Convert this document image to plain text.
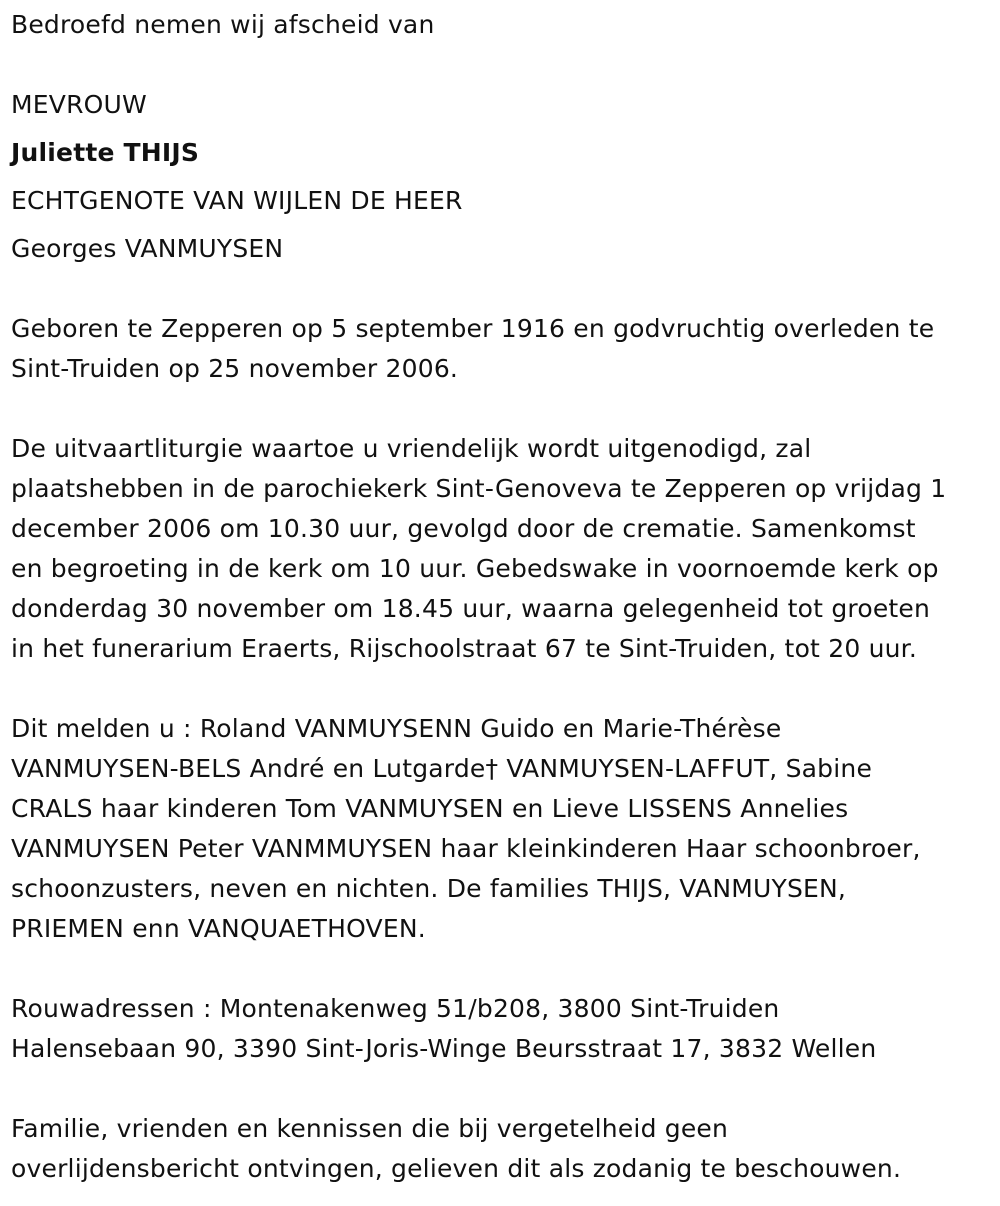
Bedroefd nemen wij afscheid van
MEVROUW
Juliette THIJS
ECHTGENOTE VAN WIJLEN DE HEER
Georges VANMUYSEN
Geboren te Zepperen op 5 september 1916 en godvruchtig overleden te
Sint-Truiden op 25 november 2006.
De uitvaartliturgie waartoe u vriendelijk wordt uitgenodigd, zal
plaatshebben in de parochiekerk Sint-Genoveva te Zepperen op vrijdag 1
december 2006 om 10.30 uur, gevolgd door de crematie. Samenkomst
en begroeting in de kerk om 10 uur. Gebedswake in voornoemde kerk op
donderdag 30 november om 18.45 uur, waarna gelegenheid tot groeten
in het funerarium Eraerts, Rijschoolstraat 67 te Sint-Truiden, tot 20 uur.
Dit melden u : Roland VANMUYSENN Guido en Marie-Thérèse
VANMUYSEN-BELS André en Lutgarde† VANMUYSEN-LAFFUT, Sabine
CRALS haar kinderen Tom VANMUYSEN en Lieve LISSENS Annelies
VANMUYSEN Peter VANMMUYSEN haar kleinkinderen Haar schoonbroer,
schoonzusters, neven en nichten. De families THIJS, VANMUYSEN,
PRIEMEN enn VANQUAETHOVEN.
Rouwadressen : Montenakenweg 51/b208, 3800 Sint-Truiden
Halensebaan 90, 3390 Sint-Joris-Winge Beursstraat 17, 3832 Wellen
Familie, vrienden en kennissen die bij vergetelheid geen
overlijdensbericht ontvingen, gelieven dit als zodanig te beschouwen.
